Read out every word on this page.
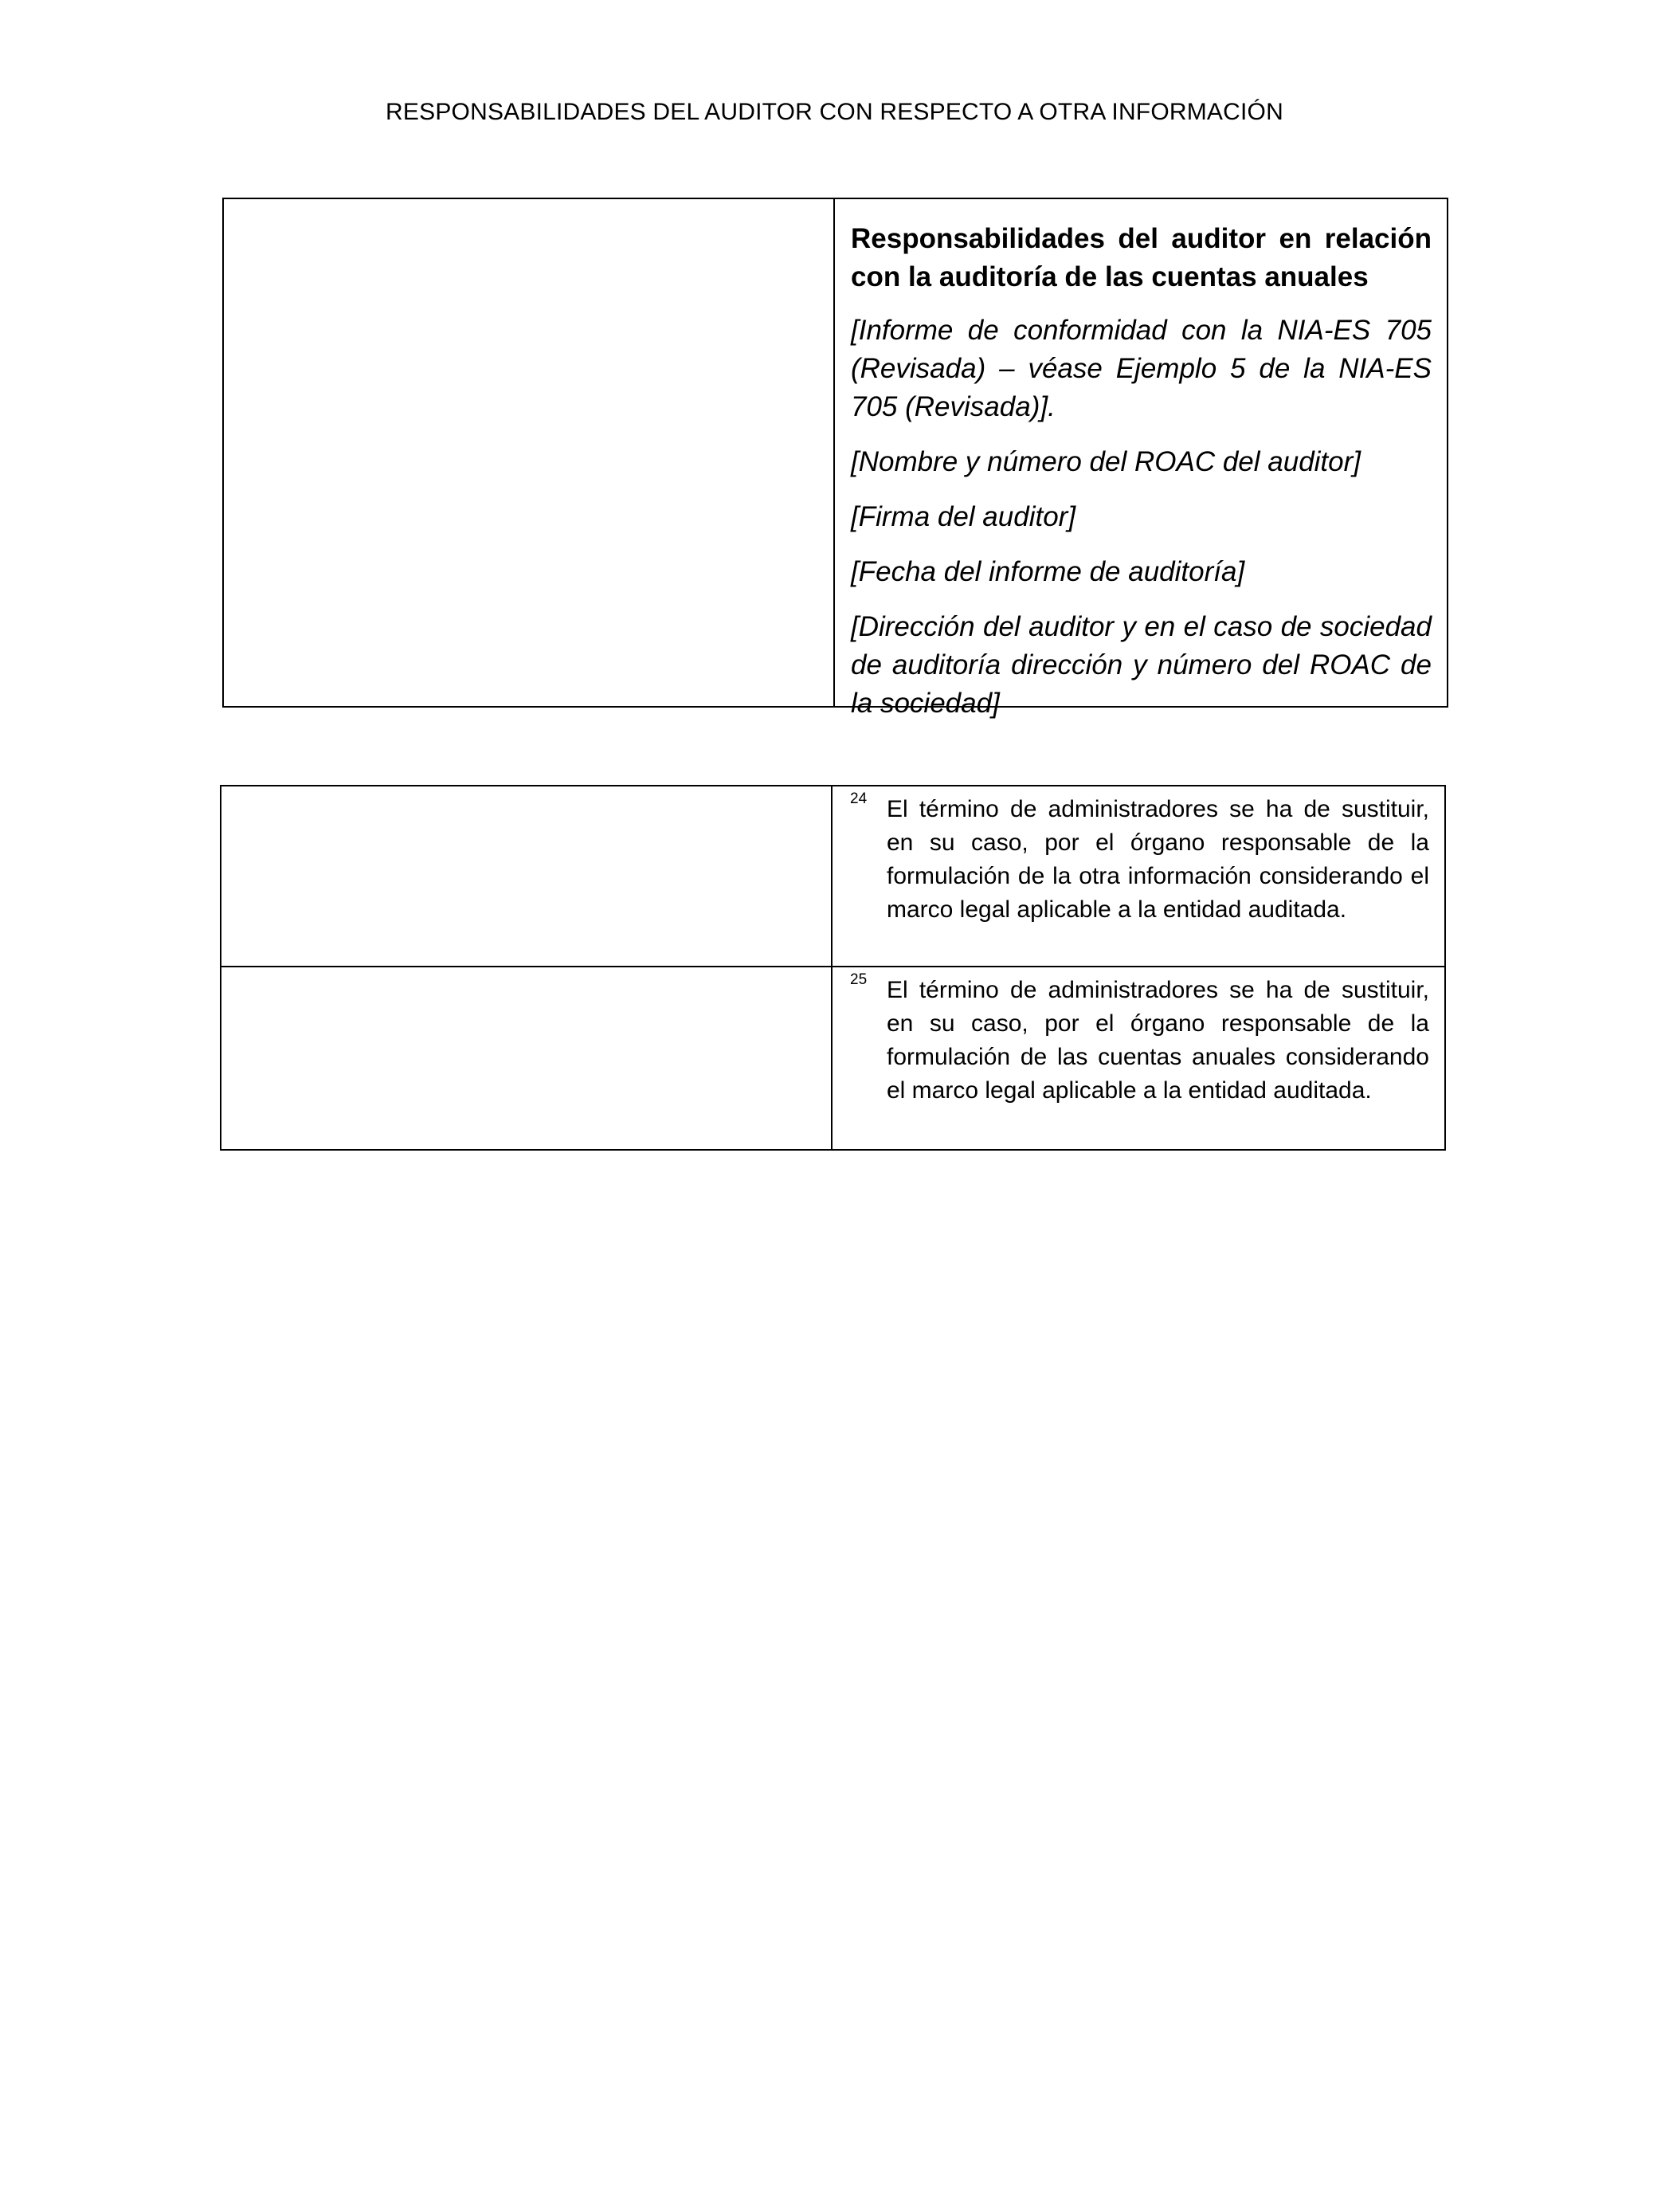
RESPONSABILIDADES DEL AUDITOR CON RESPECTO A OTRA INFORMACIÓN

Responsabilidades del auditor en relación con la auditoría de las cuentas anuales

[Informe de conformidad con la NIA-ES 705 (Revisada) – véase Ejemplo 5 de la NIA-ES 705 (Revisada)].

[Nombre y número del ROAC del auditor]

[Firma del auditor]

[Fecha del informe de auditoría]

[Dirección del auditor y en el caso de sociedad de auditoría dirección y número del ROAC de la sociedad]

	24 El término de administradores se ha de sustituir, en su caso, por el órgano responsable de la formulación de la otra información considerando el marco legal aplicable a la entidad auditada.

	25 El término de administradores se ha de sustituir, en su caso, por el órgano responsable de la formulación de las cuentas anuales considerando el marco legal aplicable a la entidad auditada.
